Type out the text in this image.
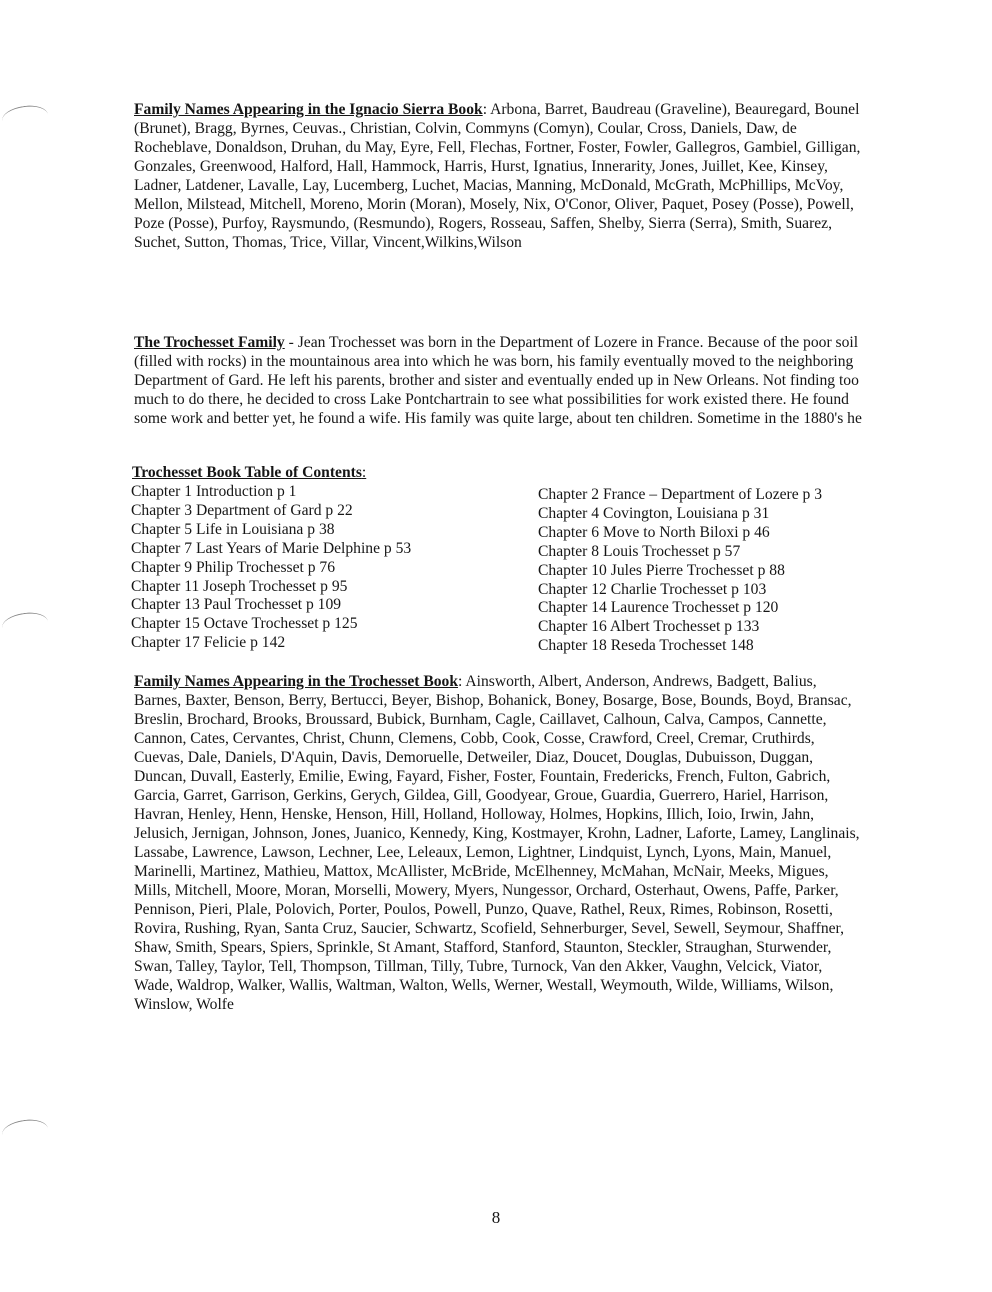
Family Names Appearing in the Ignacio Sierra Book: Arbona, Barret, Baudreau (Graveline), Beauregard, Bounel (Brunet), Bragg, Byrnes, Ceuvas., Christian, Colvin, Commyns (Comyn), Coular, Cross, Daniels, Daw, de Rocheblave, Donaldson, Druhan, du May, Eyre, Fell, Flechas, Fortner, Foster, Fowler, Gallegros, Gambiel, Gilligan, Gonzales, Greenwood, Halford, Hall, Hammock, Harris, Hurst, Ignatius, Innerarity, Jones, Juillet, Kee, Kinsey, Ladner, Latdener, Lavalle, Lay, Lucemberg, Luchet, Macias, Manning, McDonald, McGrath, McPhillips, McVoy, Mellon, Milstead, Mitchell, Moreno, Morin (Moran), Mosely, Nix, O'Conor, Oliver, Paquet, Posey (Posse), Powell, Poze (Posse), Purfoy, Raysmundo, (Resmundo), Rogers, Rosseau, Saffen, Shelby, Sierra (Serra), Smith, Suarez, Suchet, Sutton, Thomas, Trice, Villar, Vincent,Wilkins,Wilson
The Trochesset Family - Jean Trochesset was born in the Department of Lozere in France. Because of the poor soil (filled with rocks) in the mountainous area into which he was born, his family eventually moved to the neighboring Department of Gard. He left his parents, brother and sister and eventually ended up in New Orleans. Not finding too much to do there, he decided to cross Lake Pontchartrain to see what possibilities for work existed there. He found some work and better yet, he found a wife. His family was quite large, about ten children. Sometime in the 1880's he
Trochesset Book Table of Contents:
Chapter 1 Introduction p 1
Chapter 3 Department of Gard p 22
Chapter 5 Life in Louisiana p 38
Chapter 7 Last Years of Marie Delphine p 53
Chapter 9 Philip Trochesset p 76
Chapter 11 Joseph Trochesset p 95
Chapter 13 Paul Trochesset p 109
Chapter 15 Octave Trochesset p 125
Chapter 17 Felicie p 142
Chapter 2 France – Department of Lozere p 3
Chapter 4 Covington, Louisiana p 31
Chapter 6 Move to North Biloxi p 46
Chapter 8 Louis Trochesset p 57
Chapter 10 Jules Pierre Trochesset p 88
Chapter 12 Charlie Trochesset p 103
Chapter 14 Laurence Trochesset p 120
Chapter 16 Albert Trochesset p 133
Chapter 18 Reseda Trochesset 148
Family Names Appearing in the Trochesset Book: Ainsworth, Albert, Anderson, Andrews, Badgett, Balius, Barnes, Baxter, Benson, Berry, Bertucci, Beyer, Bishop, Bohanick, Boney, Bosarge, Bose, Bounds, Boyd, Bransac, Breslin, Brochard, Brooks, Broussard, Bubick, Burnham, Cagle, Caillavet, Calhoun, Calva, Campos, Cannette, Cannon, Cates, Cervantes, Christ, Chunn, Clemens, Cobb, Cook, Cosse, Crawford, Creel, Cremar, Cruthirds, Cuevas, Dale, Daniels, D'Aquin, Davis, Demoruelle, Detweiler, Diaz, Doucet, Douglas, Dubuisson, Duggan, Duncan, Duvall, Easterly, Emilie, Ewing, Fayard, Fisher, Foster, Fountain, Fredericks, French, Fulton, Gabrich, Garcia, Garret, Garrison, Gerkins, Gerych, Gildea, Gill, Goodyear, Groue, Guardia, Guerrero, Hariel, Harrison, Havran, Henley, Henn, Henske, Henson, Hill, Holland, Holloway, Holmes, Hopkins, Illich, Ioio, Irwin, Jahn, Jelusich, Jernigan, Johnson, Jones, Juanico, Kennedy, King, Kostmayer, Krohn, Ladner, Laforte, Lamey, Langlinais, Lassabe, Lawrence, Lawson, Lechner, Lee, Leleaux, Lemon, Lightner, Lindquist, Lynch, Lyons, Main, Manuel, Marinelli, Martinez, Mathieu, Mattox, McAllister, McBride, McElhenney, McMahan, McNair, Meeks, Migues, Mills, Mitchell, Moore, Moran, Morselli, Mowery, Myers, Nungessor, Orchard, Osterhaut, Owens, Paffe, Parker, Pennison, Pieri, Plale, Polovich, Porter, Poulos, Powell, Punzo, Quave, Rathel, Reux, Rimes, Robinson, Rosetti, Rovira, Rushing, Ryan, Santa Cruz, Saucier, Schwartz, Scofield, Sehnerburger, Sevel, Sewell, Seymour, Shaffner, Shaw, Smith, Spears, Spiers, Sprinkle, St Amant, Stafford, Stanford, Staunton, Steckler, Straughan, Sturwender, Swan, Talley, Taylor, Tell, Thompson, Tillman, Tilly, Tubre, Turnock, Van den Akker, Vaughn, Velcick, Viator, Wade, Waldrop, Walker, Wallis, Waltman, Walton, Wells, Werner, Westall, Weymouth, Wilde, Williams, Wilson, Winslow, Wolfe
8
